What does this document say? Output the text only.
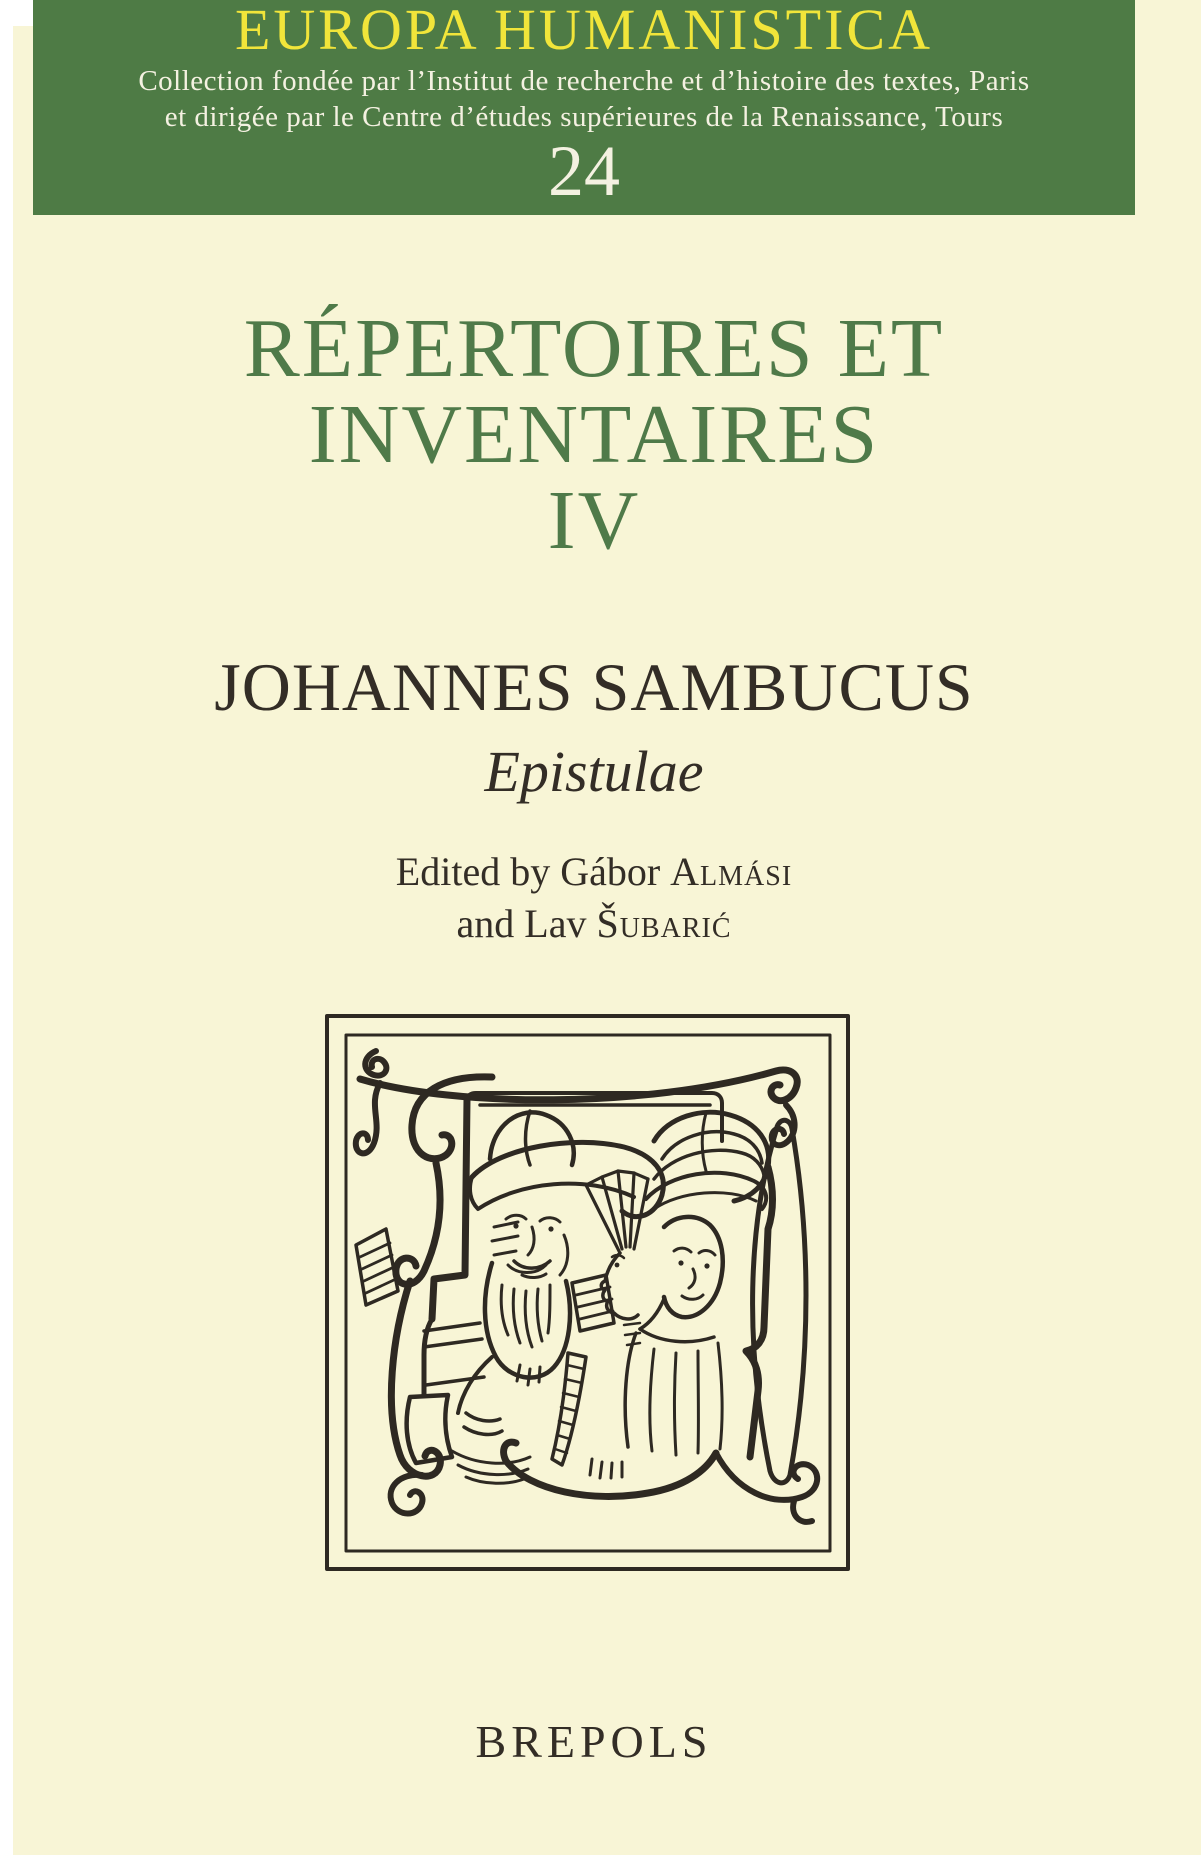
EUROPA HUMANISTICA

Collection fondée par l’Institut de recherche et d’histoire des textes, Paris

et dirigée par le Centre d’études supérieures de la Renaissance, Tours

24
RÉPERTOIRES ET
INVENTAIRES
IV
JOHANNES SAMBUCUS
Epistulae
Edited by Gábor Almási
and Lav Šubarić
BREPOLS
